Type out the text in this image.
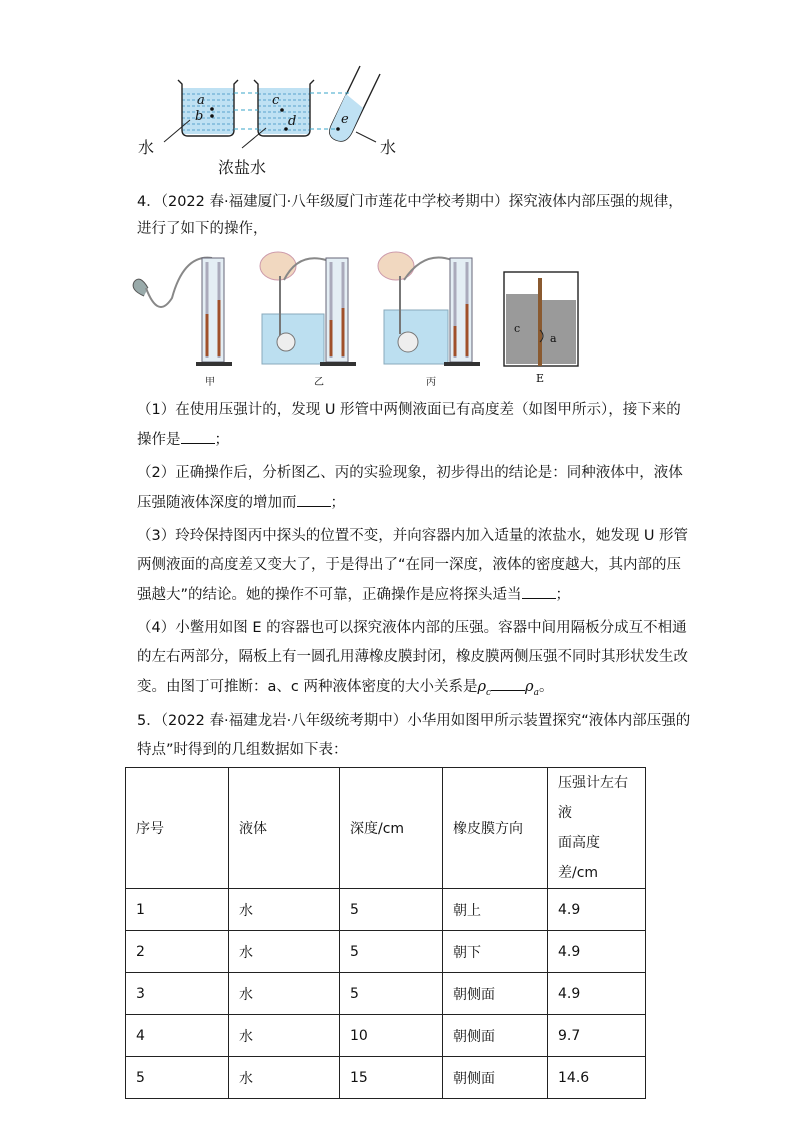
a
b
c
d	e
水
浓盐水
水
4．（2022 春·福建厦门·八年级厦门市莲花中学校考期中）探究液体内部压强的规律，
进行了如下的操作，
甲	乙	丙	E
c
a
（1）在使用压强计的，发现 U 形管中两侧液面已有高度差（如图甲所示），接下来的
操作是 ；
（2）正确操作后，分析图乙、丙的实验现象，初步得出的结论是：同种液体中，液体
压强随液体深度的增加而 ；
（3）玲玲保持图丙中探头的位置不变，并向容器内加入适量的浓盐水，她发现 U 形管
两侧液面的高度差又变大了，于是得出了“在同一深度，液体的密度越大，其内部的压
强越大”的结论。她的操作不可靠，正确操作是应将探头适当 ；
（4）小鳖用如图 E 的容器也可以探究液体内部的压强。容器中间用隔板分成互不相通
的左右两部分，隔板上有一圆孔用薄橡皮膜封闭，橡皮膜两侧压强不同时其形状发生改
变。由图丁可推断：a、c 两种液体密度的大小关系是$\rho_c$ $\rho_a$。
5．（2022 春·福建龙岩·八年级统考期中）小华用如图甲所示装置探究“液体内部压强的
特点”时得到的几组数据如下表：
序号	液体	深度/cm	橡皮膜方向	压强计左右液
面高度差/cm
1	水	5	朝上	4.9
2	水	5	朝下	4.9
3	水	5	朝侧面	4.9
4	水	10	朝侧面	9.7
5	水	15	朝侧面	14.6
